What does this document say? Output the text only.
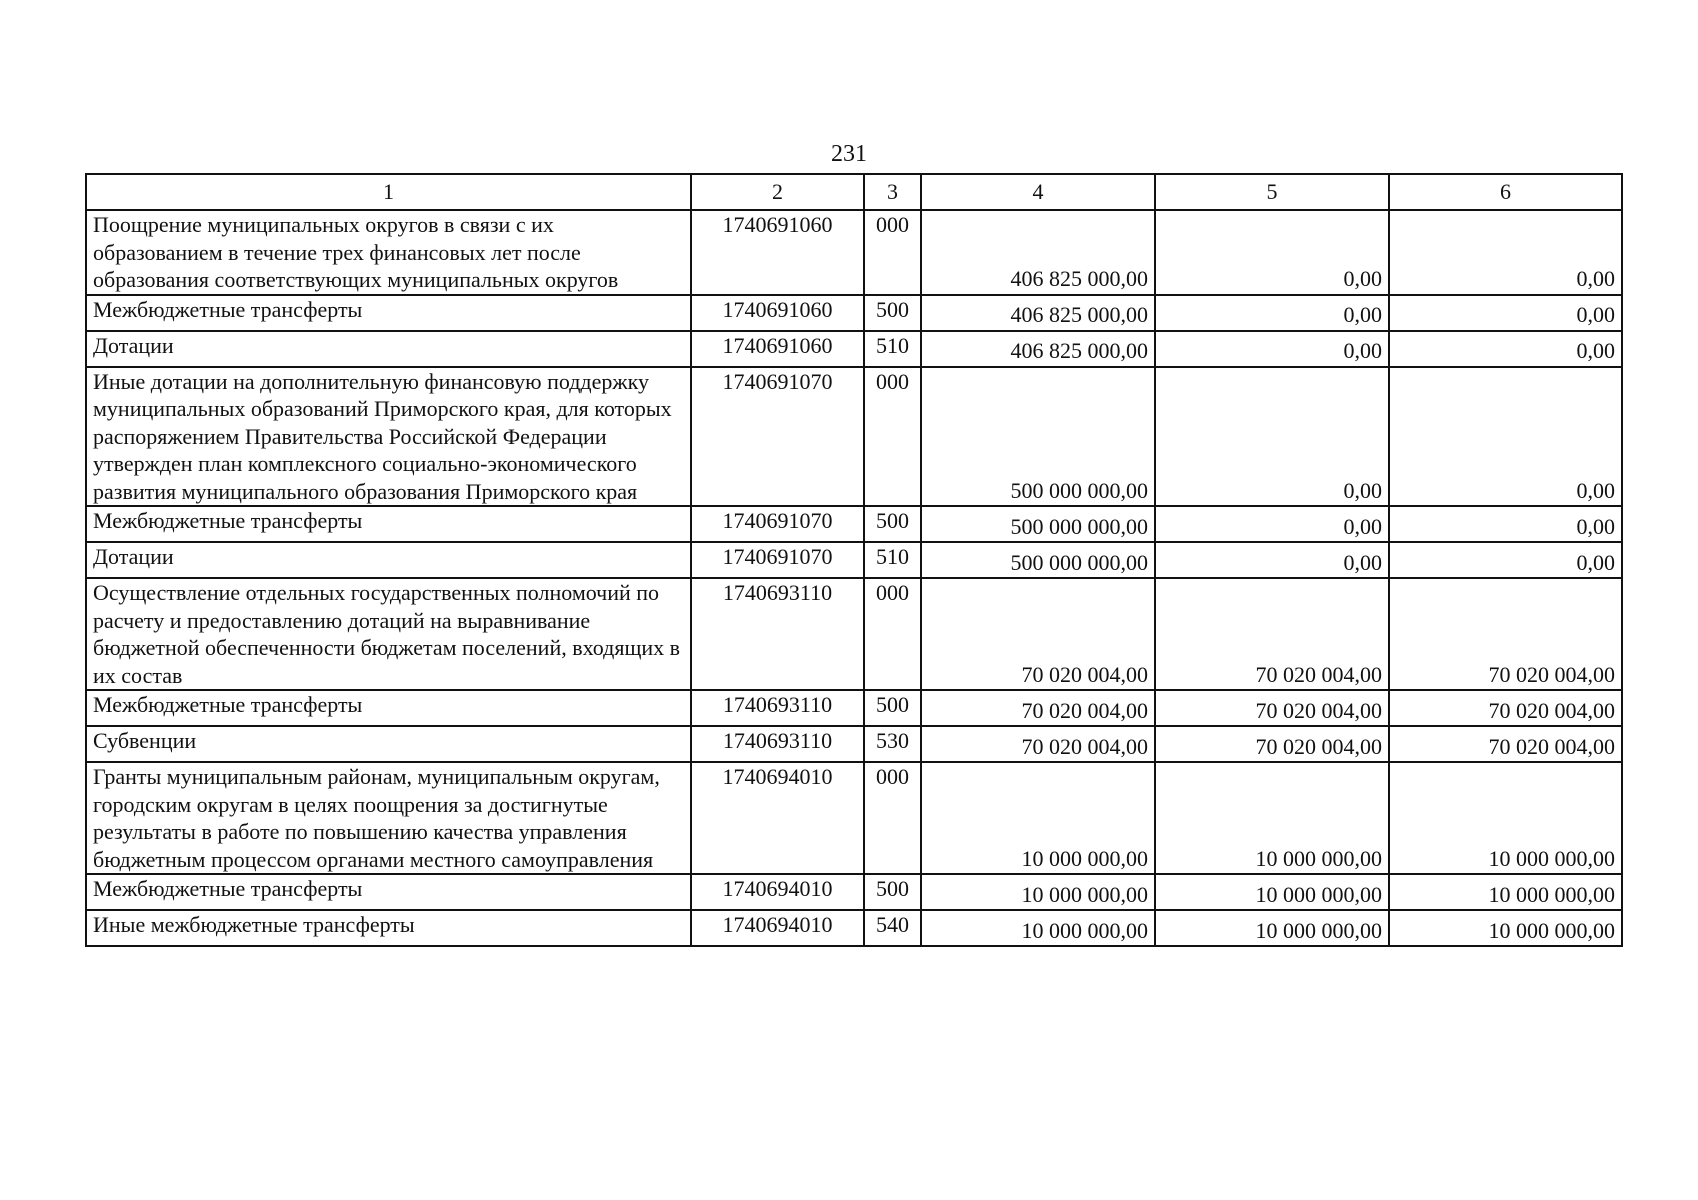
231
1	2	3	4	5	6
Поощрение муниципальных округов в связи с их образованием в течение трех финансовых лет после образования соответствующих муниципальных округов	1740691060	000	406 825 000,00	0,00	0,00
Межбюджетные трансферты	1740691060	500	406 825 000,00	0,00	0,00
Дотации	1740691060	510	406 825 000,00	0,00	0,00
Иные дотации на дополнительную финансовую поддержку муниципальных образований Приморского края, для которых распоряжением Правительства Российской Федерации утвержден план комплексного социально-экономического развития муниципального образования Приморского края	1740691070	000	500 000 000,00	0,00	0,00
Межбюджетные трансферты	1740691070	500	500 000 000,00	0,00	0,00
Дотации	1740691070	510	500 000 000,00	0,00	0,00
Осуществление отдельных государственных полномочий по расчету и предоставлению дотаций на выравнивание бюджетной обеспеченности бюджетам поселений, входящих в их состав	1740693110	000	70 020 004,00	70 020 004,00	70 020 004,00
Межбюджетные трансферты	1740693110	500	70 020 004,00	70 020 004,00	70 020 004,00
Субвенции	1740693110	530	70 020 004,00	70 020 004,00	70 020 004,00
Гранты муниципальным районам, муниципальным округам, городским округам в целях поощрения за достигнутые результаты в работе по повышению качества управления бюджетным процессом органами местного самоуправления	1740694010	000	10 000 000,00	10 000 000,00	10 000 000,00
Межбюджетные трансферты	1740694010	500	10 000 000,00	10 000 000,00	10 000 000,00
Иные межбюджетные трансферты	1740694010	540	10 000 000,00	10 000 000,00	10 000 000,00
